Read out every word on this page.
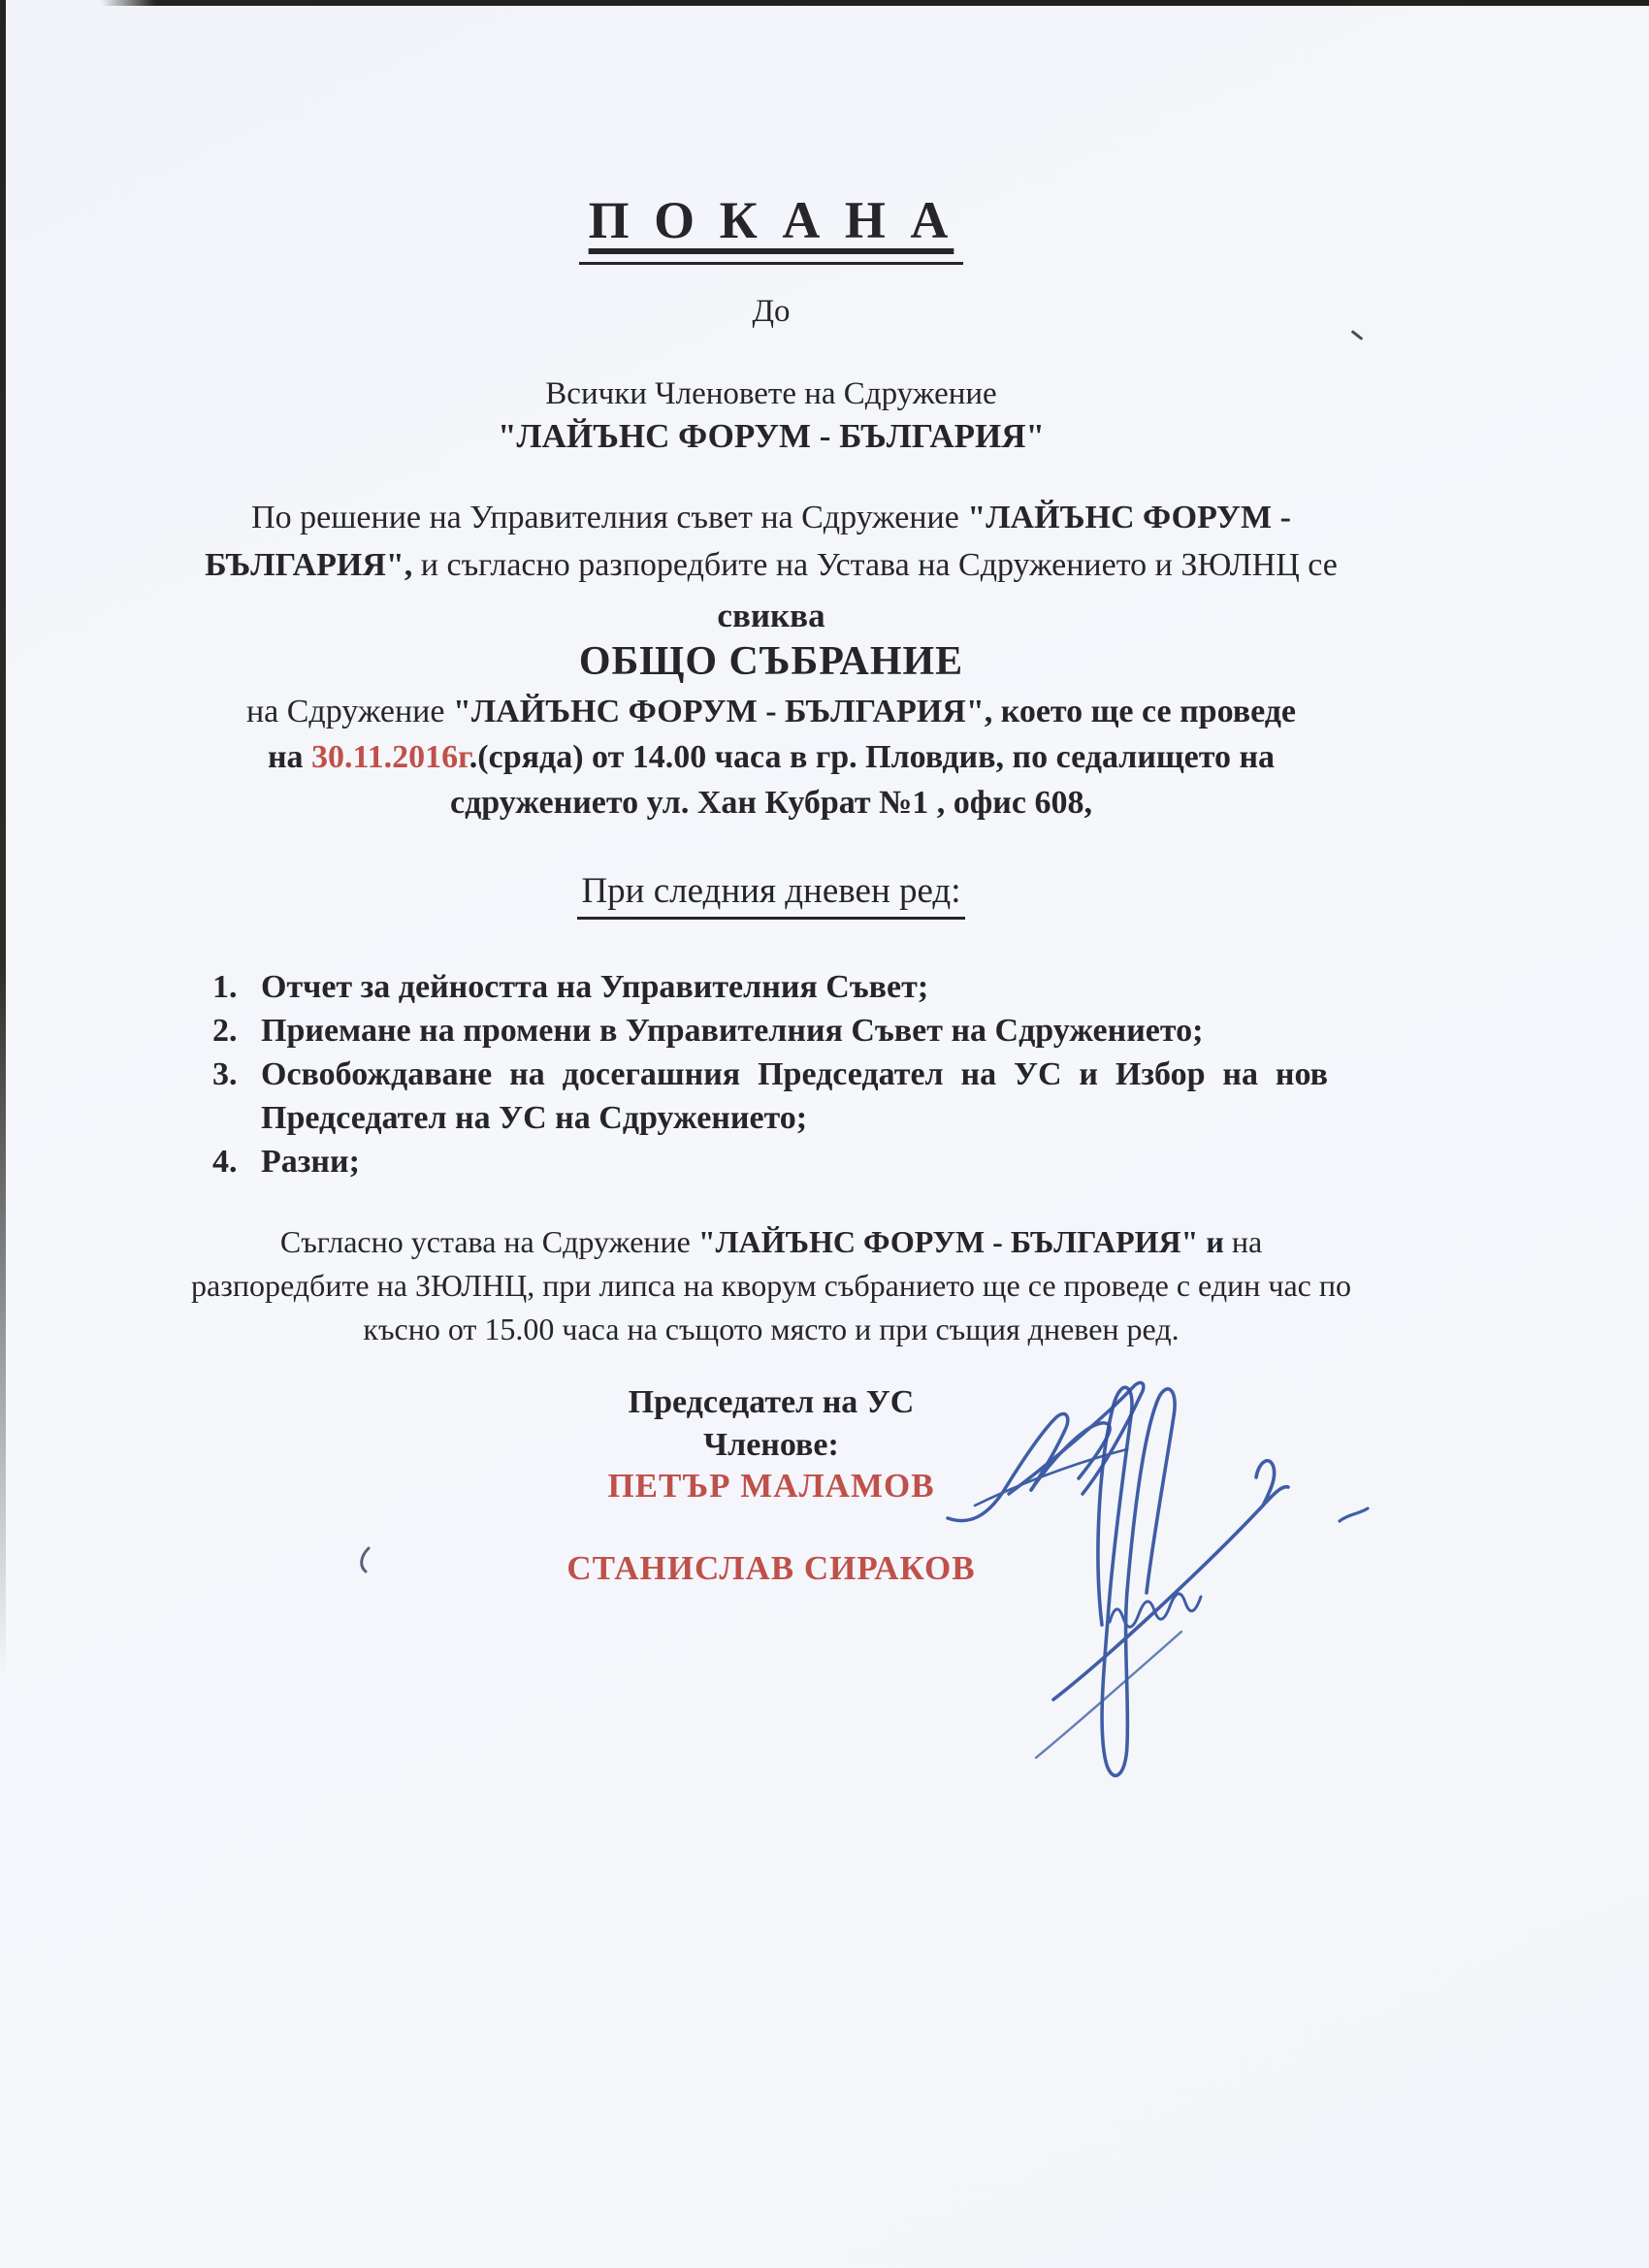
П О К А Н А
До
Всички Членовете на Сдружение
"ЛАЙЪНС ФОРУМ - БЪЛГАРИЯ"
По решение на Управителния съвет на Сдружение "ЛАЙЪНС ФОРУМ -
БЪЛГАРИЯ", и съгласно разпоредбите на Устава на Сдружението и ЗЮЛНЦ се
свиква
ОБЩО СЪБРАНИЕ
на Сдружение "ЛАЙЪНС ФОРУМ - БЪЛГАРИЯ", което ще се проведе
на 30.11.2016г.(сряда) от 14.00 часа в гр. Пловдив, по седалището на
сдружението ул. Хан Кубрат №1 , офис 608,
При следния дневен ред:
1. Отчет за дейността на Управителния Съвет;
2. Приемане на промени в Управителния Съвет на Сдружението;
3. Освобождаване на досегашния Председател на УС и Избор на нов Председател на УС на Сдружението;
4. Разни;
Съгласно устава на Сдружение "ЛАЙЪНС ФОРУМ - БЪЛГАРИЯ" и на
разпоредбите на ЗЮЛНЦ, при липса на кворум събранието ще се проведе с един час по
късно от 15.00 часа на същото място и при същия дневен ред.
Председател на УС
Членове:
ПЕТЪР МАЛАМОВ
СТАНИСЛАВ СИРАКОВ
